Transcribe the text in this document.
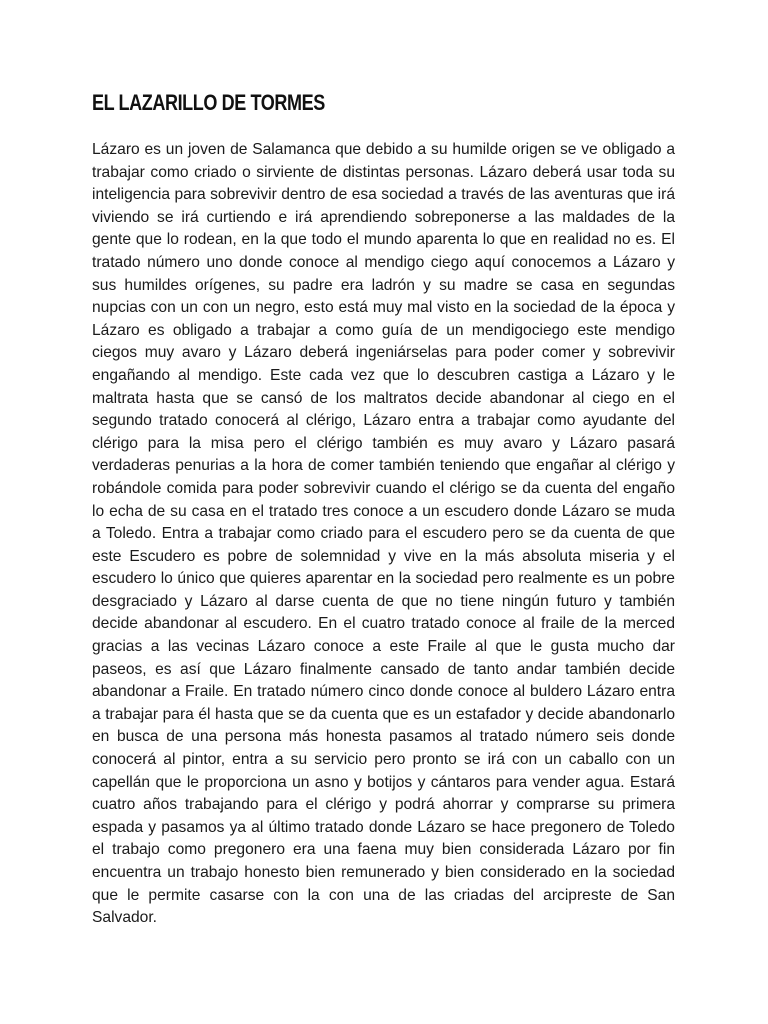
EL LAZARILLO DE TORMES

Lázaro es un joven de Salamanca que debido a su humilde origen se ve obligado a trabajar como criado o sirviente de distintas personas. Lázaro deberá usar toda su inteligencia para sobrevivir dentro de esa sociedad a través de las aventuras que irá viviendo se irá curtiendo e irá aprendiendo sobreponerse a las maldades de la gente que lo rodean, en la que todo el mundo aparenta lo que en realidad no es. El tratado número uno donde conoce al mendigo ciego aquí conocemos a Lázaro y sus humildes orígenes, su padre era ladrón y su madre se casa en segundas nupcias con un con un negro, esto está muy mal visto en la sociedad de la época y Lázaro es obligado a trabajar a como guía de un mendigociego este mendigo ciegos muy avaro y Lázaro deberá ingeniárselas para poder comer y sobrevivir engañando al mendigo. Este cada vez que lo descubren castiga a Lázaro y le maltrata hasta que se cansó de los maltratos decide abandonar al ciego en el segundo tratado conocerá al clérigo, Lázaro entra a trabajar como ayudante del clérigo para la misa pero el clérigo también es muy avaro y Lázaro pasará verdaderas penurias a la hora de comer también teniendo que engañar al clérigo y robándole comida para poder sobrevivir cuando el clérigo se da cuenta del engaño lo echa de su casa en el tratado tres conoce a un escudero donde Lázaro se muda a Toledo. Entra a trabajar como criado para el escudero pero se da cuenta de que este Escudero es pobre de solemnidad y vive en la más absoluta miseria y el escudero lo único que quieres aparentar en la sociedad pero realmente es un pobre desgraciado y Lázaro al darse cuenta de que no tiene ningún futuro y también decide abandonar al escudero. En el cuatro tratado conoce al fraile de la merced gracias a las vecinas Lázaro conoce a este Fraile al que le gusta mucho dar paseos, es así que Lázaro finalmente cansado de tanto andar también decide abandonar a Fraile. En tratado número cinco donde conoce al buldero Lázaro entra a trabajar para él hasta que se da cuenta que es un estafador y decide abandonarlo en busca de una persona más honesta pasamos al tratado número seis donde conocerá al pintor, entra a su servicio pero pronto se irá con un caballo con un capellán que le proporciona un asno y botijos y cántaros para vender agua. Estará cuatro años trabajando para el clérigo y podrá ahorrar y comprarse su primera espada y pasamos ya al último tratado donde Lázaro se hace pregonero de Toledo el trabajo como pregonero era una faena muy bien considerada Lázaro por fin encuentra un trabajo honesto bien remunerado y bien considerado en la sociedad que le permite casarse con la con una de las criadas del arcipreste de San Salvador.
